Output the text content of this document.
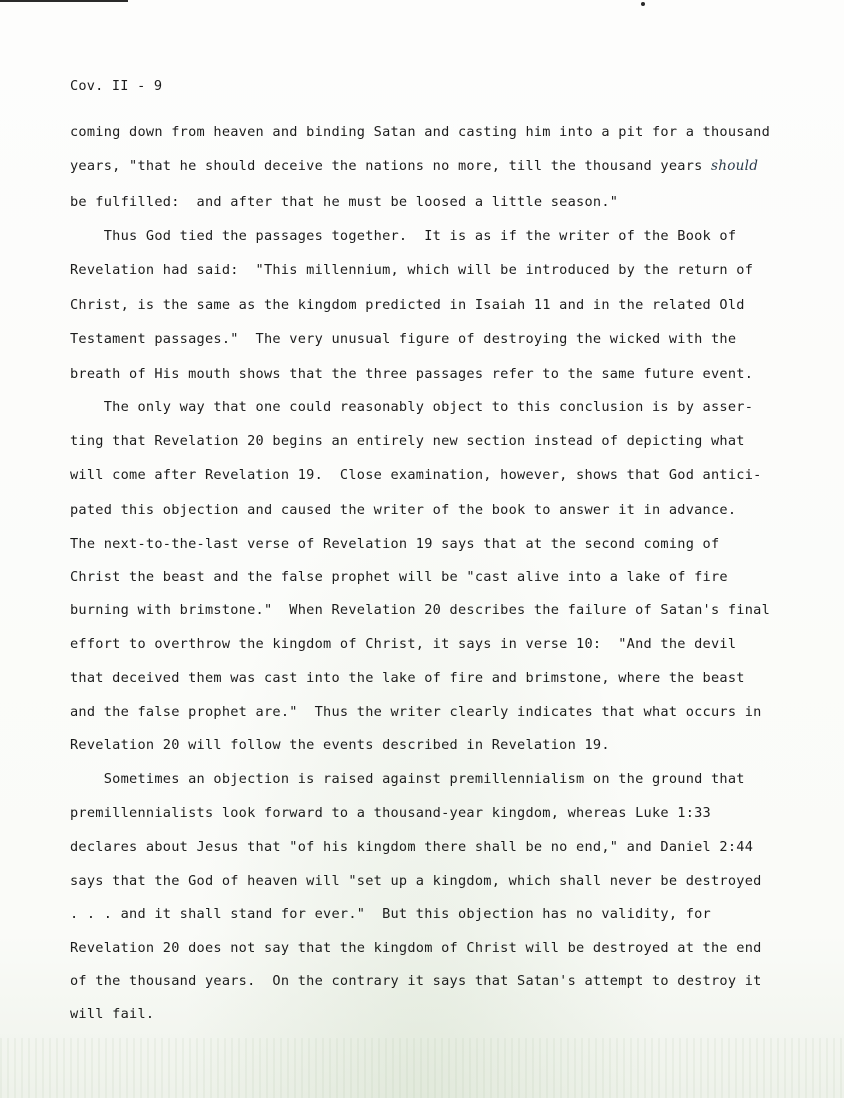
Cov. II - 9
coming down from heaven and binding Satan and casting him into a pit for a thousand
years, "that he should deceive the nations no more, till the thousand years should
be fulfilled:  and after that he must be loosed a little season."
Thus God tied the passages together.  It is as if the writer of the Book of
Revelation had said:  "This millennium, which will be introduced by the return of
Christ, is the same as the kingdom predicted in Isaiah 11 and in the related Old
Testament passages."  The very unusual figure of destroying the wicked with the
breath of His mouth shows that the three passages refer to the same future event.
The only way that one could reasonably object to this conclusion is by asser-
ting that Revelation 20 begins an entirely new section instead of depicting what
will come after Revelation 19.  Close examination, however, shows that God antici-
pated this objection and caused the writer of the book to answer it in advance.
The next-to-the-last verse of Revelation 19 says that at the second coming of
Christ the beast and the false prophet will be "cast alive into a lake of fire
burning with brimstone."  When Revelation 20 describes the failure of Satan's final
effort to overthrow the kingdom of Christ, it says in verse 10:  "And the devil
that deceived them was cast into the lake of fire and brimstone, where the beast
and the false prophet are."  Thus the writer clearly indicates that what occurs in
Revelation 20 will follow the events described in Revelation 19.
Sometimes an objection is raised against premillennialism on the ground that
premillennialists look forward to a thousand-year kingdom, whereas Luke 1:33
declares about Jesus that "of his kingdom there shall be no end," and Daniel 2:44
says that the God of heaven will "set up a kingdom, which shall never be destroyed
. . . and it shall stand for ever."  But this objection has no validity, for
Revelation 20 does not say that the kingdom of Christ will be destroyed at the end
of the thousand years.  On the contrary it says that Satan's attempt to destroy it
will fail.
